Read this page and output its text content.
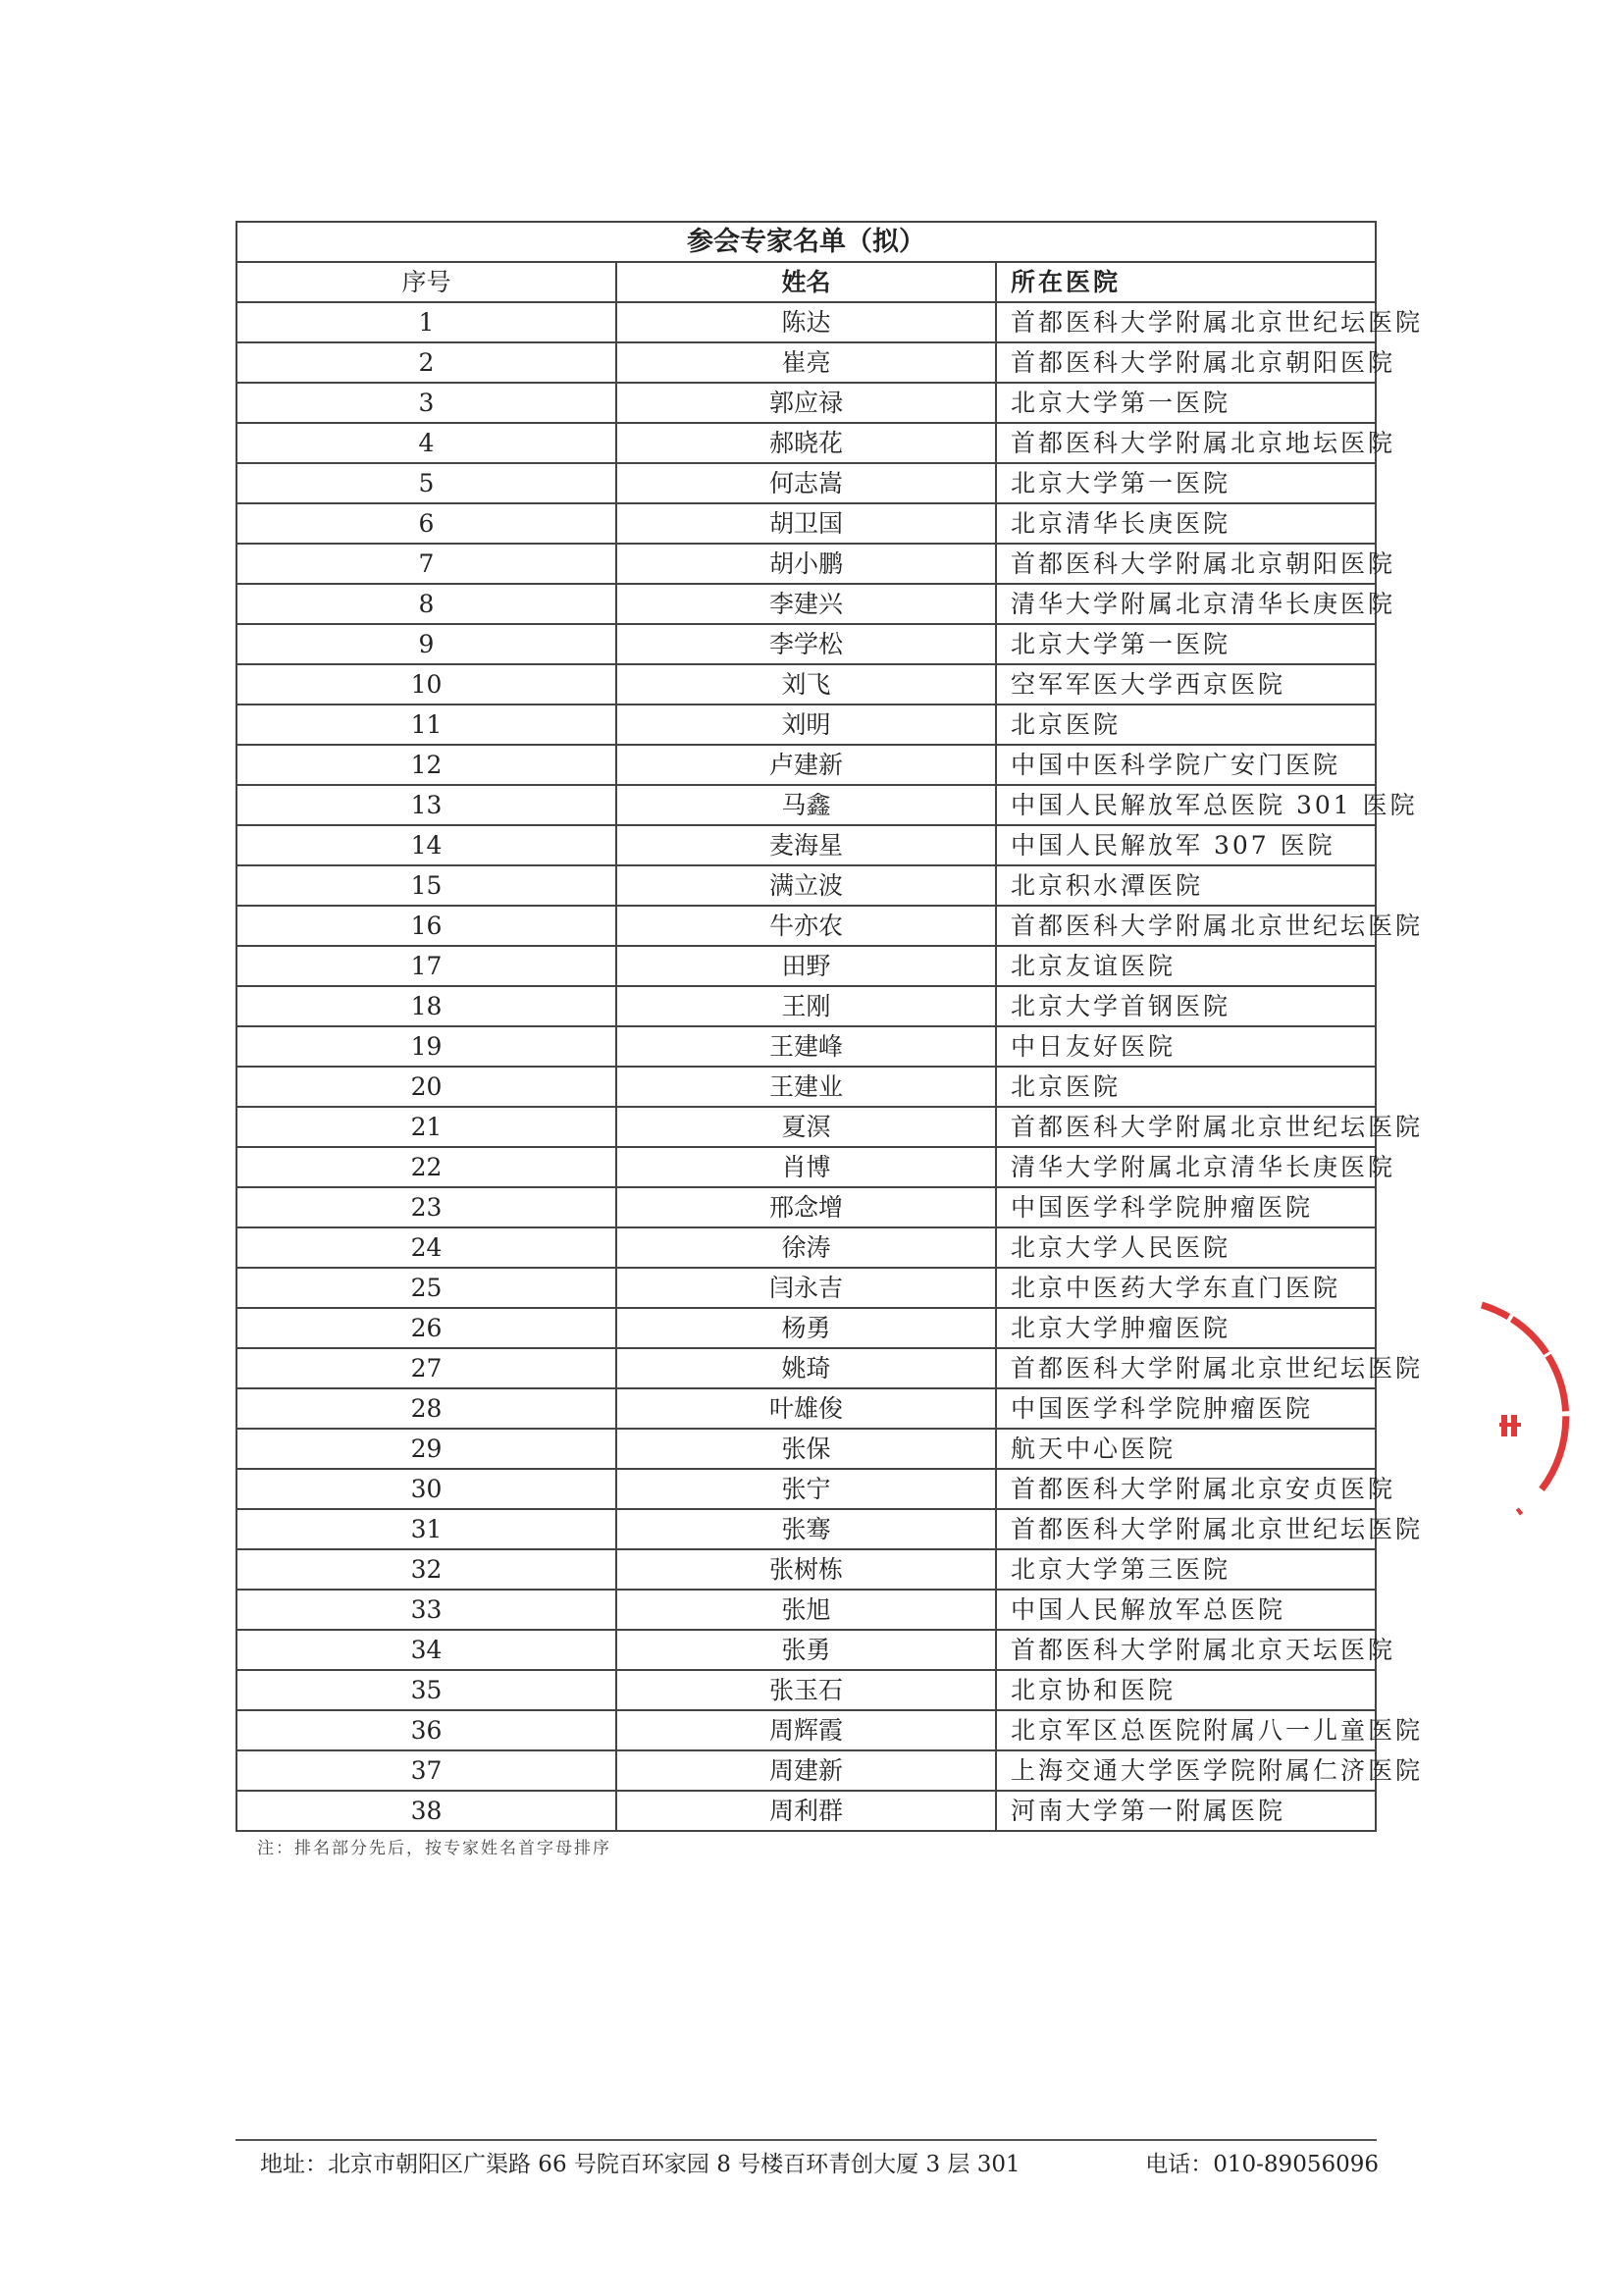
参会专家名单（拟）		
序号	姓名	所在医院
1	陈达	首都医科大学附属北京世纪坛医院
2	崔亮	首都医科大学附属北京朝阳医院
3	郭应禄	北京大学第一医院
4	郝晓花	首都医科大学附属北京地坛医院
5	何志嵩	北京大学第一医院
6	胡卫国	北京清华长庚医院
7	胡小鹏	首都医科大学附属北京朝阳医院
8	李建兴	清华大学附属北京清华长庚医院
9	李学松	北京大学第一医院
10	刘飞	空军军医大学西京医院
11	刘明	北京医院
12	卢建新	中国中医科学院广安门医院
13	马鑫	中国人民解放军总医院 301 医院
14	麦海星	中国人民解放军 307 医院
15	满立波	北京积水潭医院
16	牛亦农	首都医科大学附属北京世纪坛医院
17	田野	北京友谊医院
18	王刚	北京大学首钢医院
19	王建峰	中日友好医院
20	王建业	北京医院
21	夏溟	首都医科大学附属北京世纪坛医院
22	肖博	清华大学附属北京清华长庚医院
23	邢念增	中国医学科学院肿瘤医院
24	徐涛	北京大学人民医院
25	闫永吉	北京中医药大学东直门医院
26	杨勇	北京大学肿瘤医院
27	姚琦	首都医科大学附属北京世纪坛医院
28	叶雄俊	中国医学科学院肿瘤医院
29	张保	航天中心医院
30	张宁	首都医科大学附属北京安贞医院
31	张骞	首都医科大学附属北京世纪坛医院
32	张树栋	北京大学第三医院
33	张旭	中国人民解放军总医院
34	张勇	首都医科大学附属北京天坛医院
35	张玉石	北京协和医院
36	周辉霞	北京军区总医院附属八一儿童医院
37	周建新	上海交通大学医学院附属仁济医院
38	周利群	河南大学第一附属医院
注：排名部分先后，按专家姓名首字母排序
地址：北京市朝阳区广渠路 66 号院百环家园 8 号楼百环青创大厦 3 层 301	电话：010-89056096
